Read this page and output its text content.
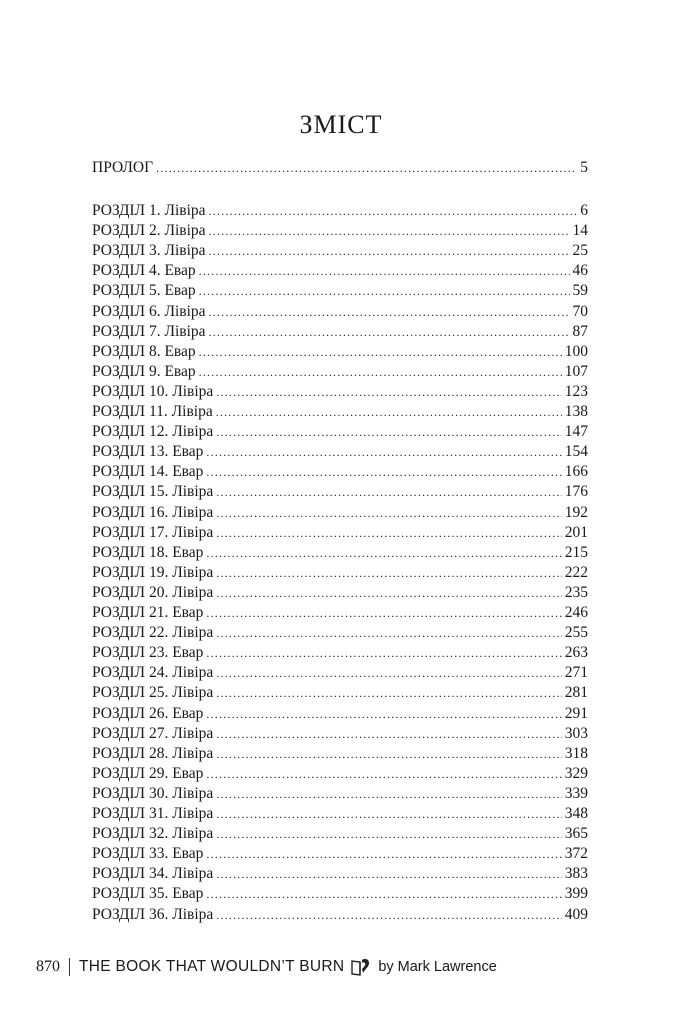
ЗМІСТ
ПРОЛОГ .....	5
РОЗДІЛ 1. Лівіра .....	6
РОЗДІЛ 2. Лівіра .....	14
РОЗДІЛ 3. Лівіра .....	25
РОЗДІЛ 4. Евар .....	46
РОЗДІЛ 5. Евар .....	59
РОЗДІЛ 6. Лівіра .....	70
РОЗДІЛ 7. Лівіра .....	87
РОЗДІЛ 8. Евар .....	100
РОЗДІЛ 9. Евар .....	107
РОЗДІЛ 10. Лівіра .....	123
РОЗДІЛ 11. Лівіра .....	138
РОЗДІЛ 12. Лівіра .....	147
РОЗДІЛ 13. Евар .....	154
РОЗДІЛ 14. Евар .....	166
РОЗДІЛ 15. Лівіра .....	176
РОЗДІЛ 16. Лівіра .....	192
РОЗДІЛ 17. Лівіра .....	201
РОЗДІЛ 18. Евар .....	215
РОЗДІЛ 19. Лівіра .....	222
РОЗДІЛ 20. Лівіра .....	235
РОЗДІЛ 21. Евар .....	246
РОЗДІЛ 22. Лівіра .....	255
РОЗДІЛ 23. Евар .....	263
РОЗДІЛ 24. Лівіра .....	271
РОЗДІЛ 25. Лівіра .....	281
РОЗДІЛ 26. Евар .....	291
РОЗДІЛ 27. Лівіра .....	303
РОЗДІЛ 28. Лівіра .....	318
РОЗДІЛ 29. Евар .....	329
РОЗДІЛ 30. Лівіра .....	339
РОЗДІЛ 31. Лівіра .....	348
РОЗДІЛ 32. Лівіра .....	365
РОЗДІЛ 33. Евар .....	372
РОЗДІЛ 34. Лівіра .....	383
РОЗДІЛ 35. Евар .....	399
РОЗДІЛ 36. Лівіра .....	409
870 THE BOOK THAT WOULDN’T BURN by Mark Lawrence
